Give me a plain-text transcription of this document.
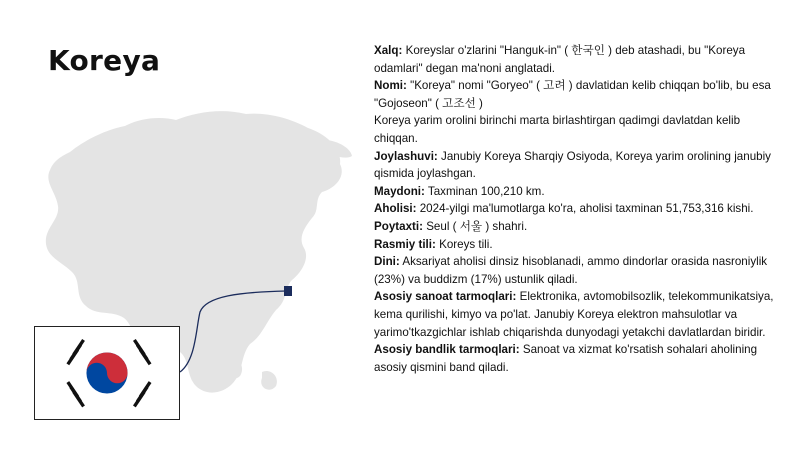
Koreya	Xalq: Koreyslar o'zlarini "Hanguk-in" ( 한국인 ) deb atashadi, bu "Koreya odamlari" degan ma'noni anglatadi.

Nomi: "Koreya" nomi "Goryeo" ( 고려 ) davlatidan kelib chiqqan bo'lib, bu esa "Gojoseon" ( 고조선 )

Koreya yarim orolini birinchi marta birlashtirgan qadimgi davlatdan kelib chiqqan.

Joylashuvi: Janubiy Koreya Sharqiy Osiyoda, Koreya yarim orolining janubiy qismida joylashgan.

Maydoni: Taxminan 100,210 km.

Aholisi: 2024-yilgi ma'lumotlarga ko'ra, aholisi taxminan 51,753,316 kishi.

Poytaxti: Seul ( 서울 ) shahri.

Rasmiy tili: Koreys tili.

Dini: Aksariyat aholisi dinsiz hisoblanadi, ammo dindorlar orasida nasroniylik (23%) va buddizm (17%) ustunlik qiladi.

Asosiy sanoat tarmoqlari: Elektronika, avtomobilsozlik, telekommunikatsiya, kema qurilishi, kimyo va po'lat. Janubiy Koreya elektron mahsulotlar va yarimo'tkazgichlar ishlab chiqarishda dunyodagi yetakchi davlatlardan biridir.

Asosiy bandlik tarmoqlari: Sanoat va xizmat ko'rsatish sohalari aholining asosiy qismini band qiladi.
